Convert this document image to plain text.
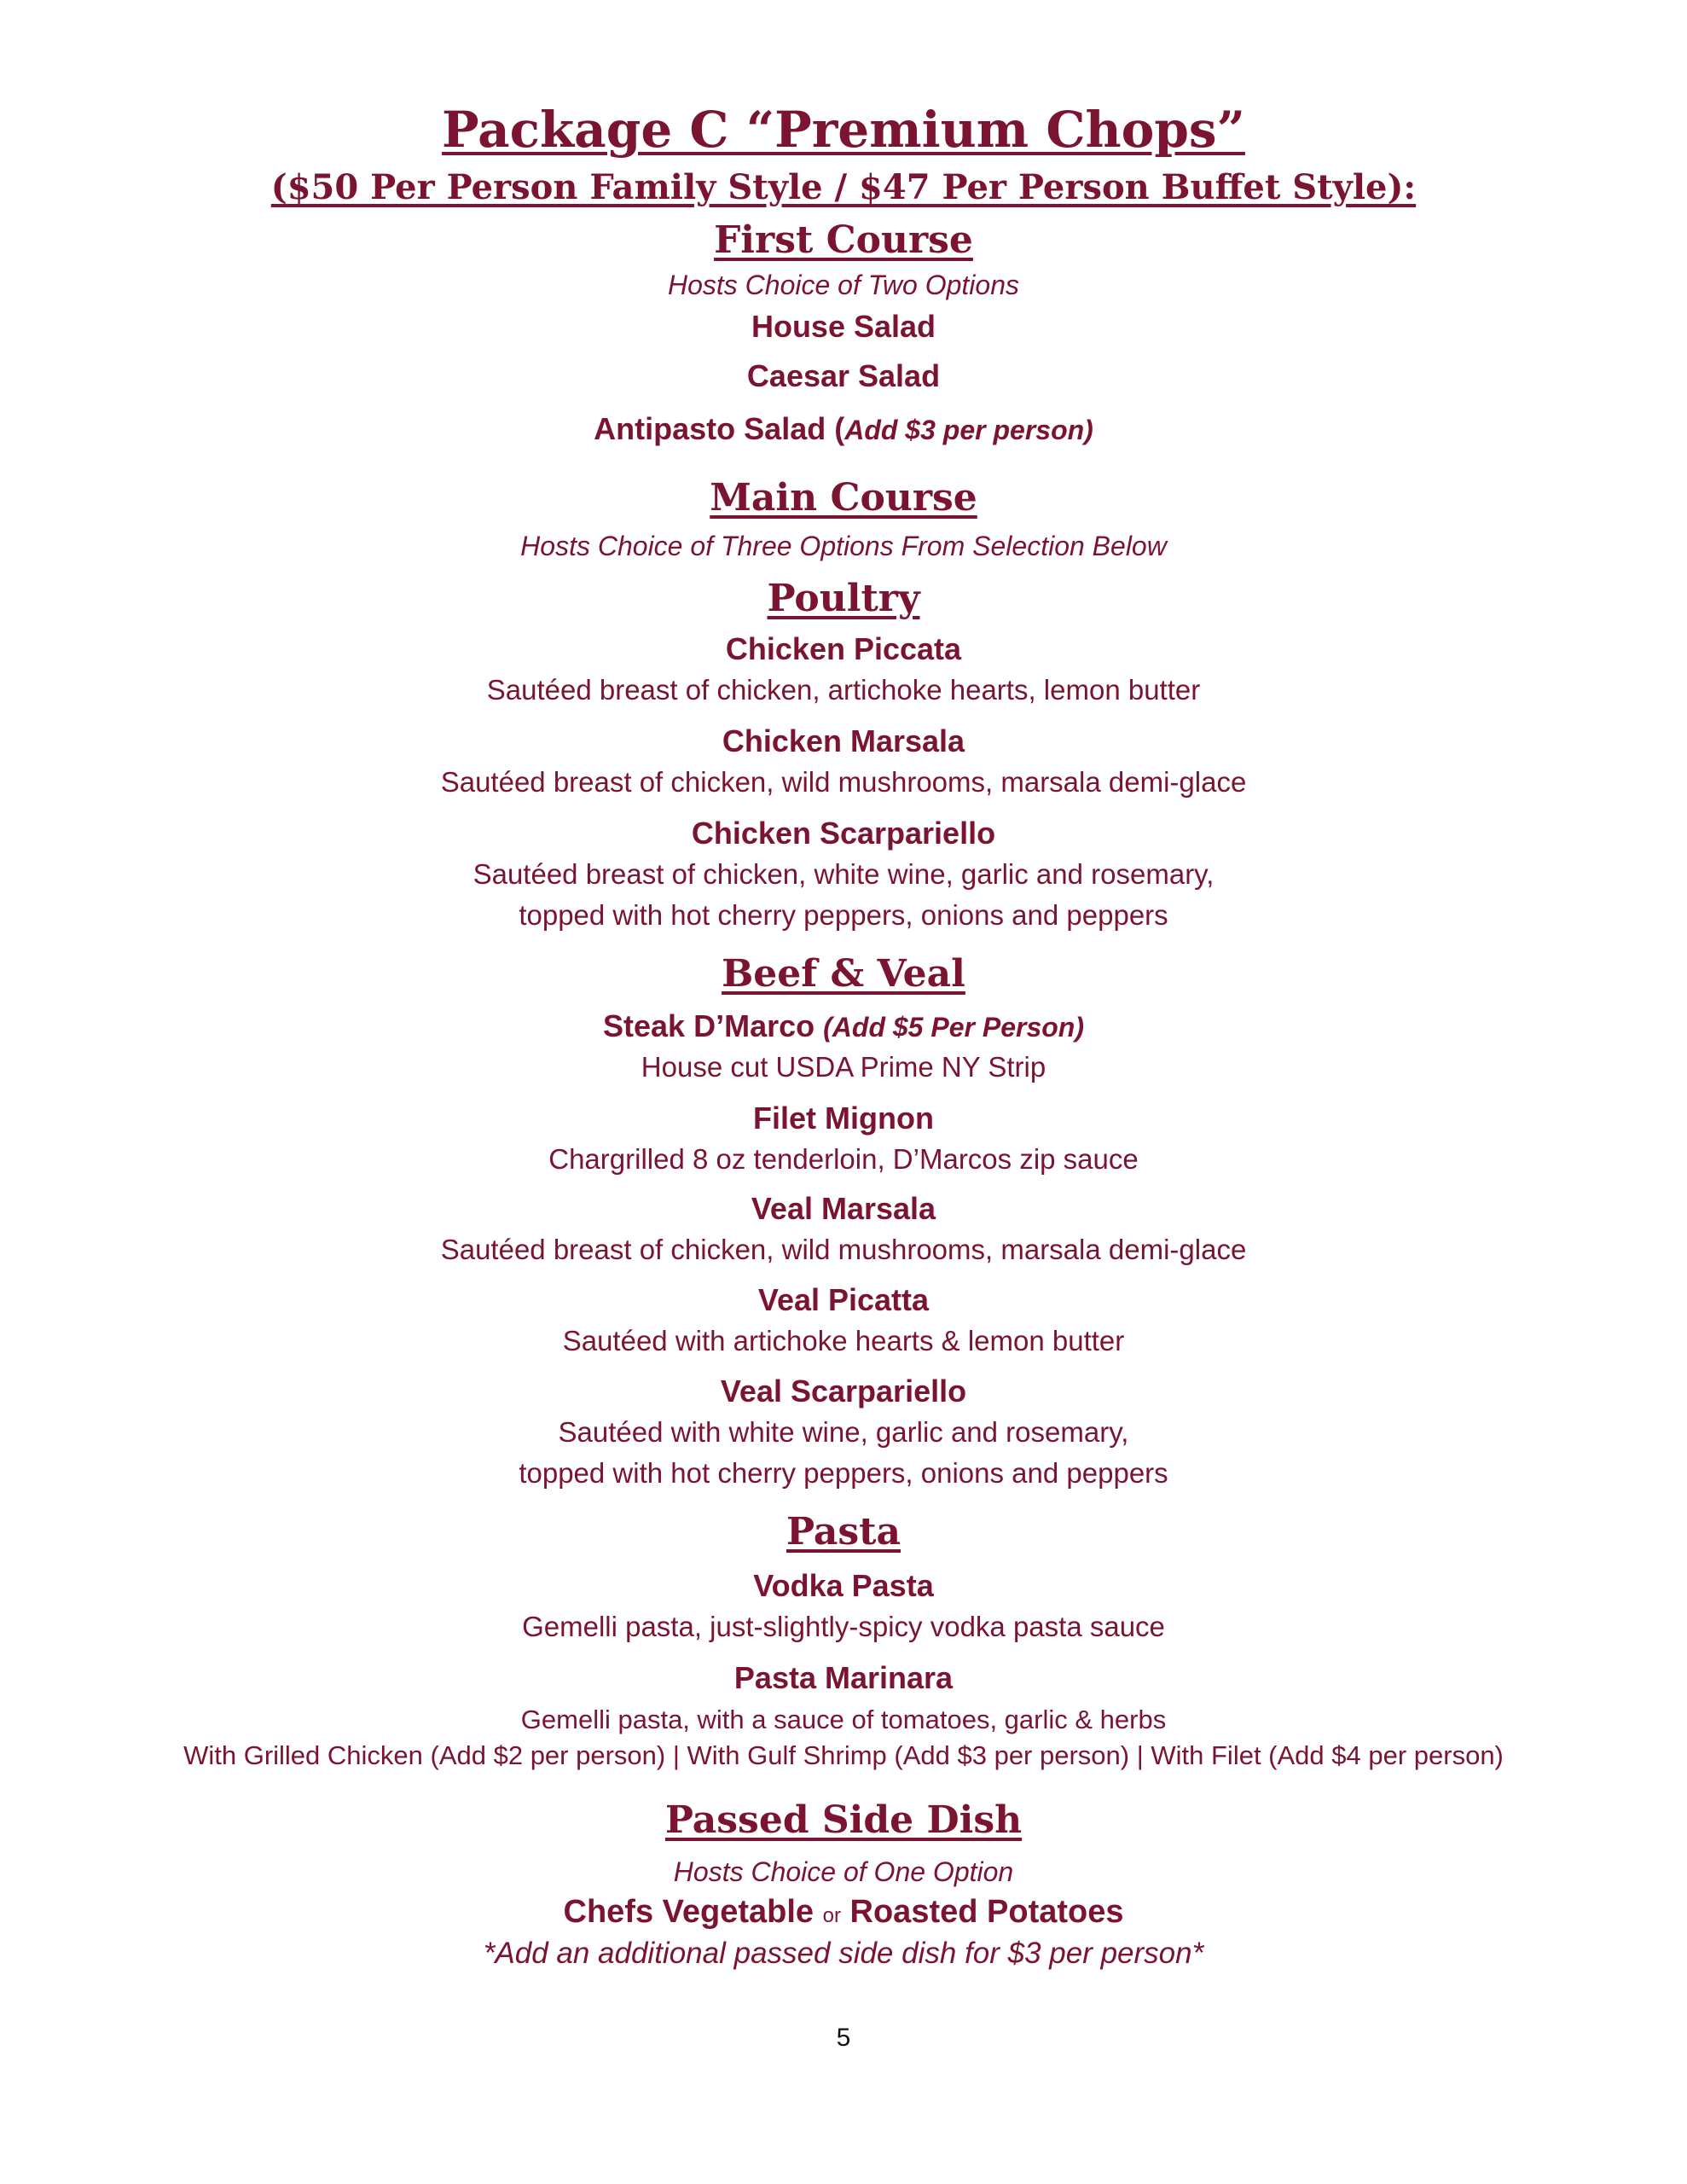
Package C “Premium Chops”
($50 Per Person Family Style / $47 Per Person Buffet Style):
First Course
Hosts Choice of Two Options
House Salad
Caesar Salad
Antipasto Salad (Add $3 per person)
Main Course
Hosts Choice of Three Options From Selection Below
Poultry
Chicken Piccata
Sautéed breast of chicken, artichoke hearts, lemon butter
Chicken Marsala
Sautéed breast of chicken, wild mushrooms, marsala demi-glace
Chicken Scarpariello
Sautéed breast of chicken, white wine, garlic and rosemary,
topped with hot cherry peppers, onions and peppers
Beef & Veal
Steak D’Marco (Add $5 Per Person)
House cut USDA Prime NY Strip
Filet Mignon
Chargrilled 8 oz tenderloin, D’Marcos zip sauce
Veal Marsala
Sautéed breast of chicken, wild mushrooms, marsala demi-glace
Veal Picatta
Sautéed with artichoke hearts & lemon butter
Veal Scarpariello
Sautéed with white wine, garlic and rosemary,
topped with hot cherry peppers, onions and peppers
Pasta
Vodka Pasta
Gemelli pasta, just-slightly-spicy vodka pasta sauce
Pasta Marinara
Gemelli pasta, with a sauce of tomatoes, garlic & herbs
With Grilled Chicken (Add $2 per person) | With Gulf Shrimp (Add $3 per person) | With Filet (Add $4 per person)
Passed Side Dish
Hosts Choice of One Option
Chefs Vegetable or Roasted Potatoes
*Add an additional passed side dish for $3 per person*
5
